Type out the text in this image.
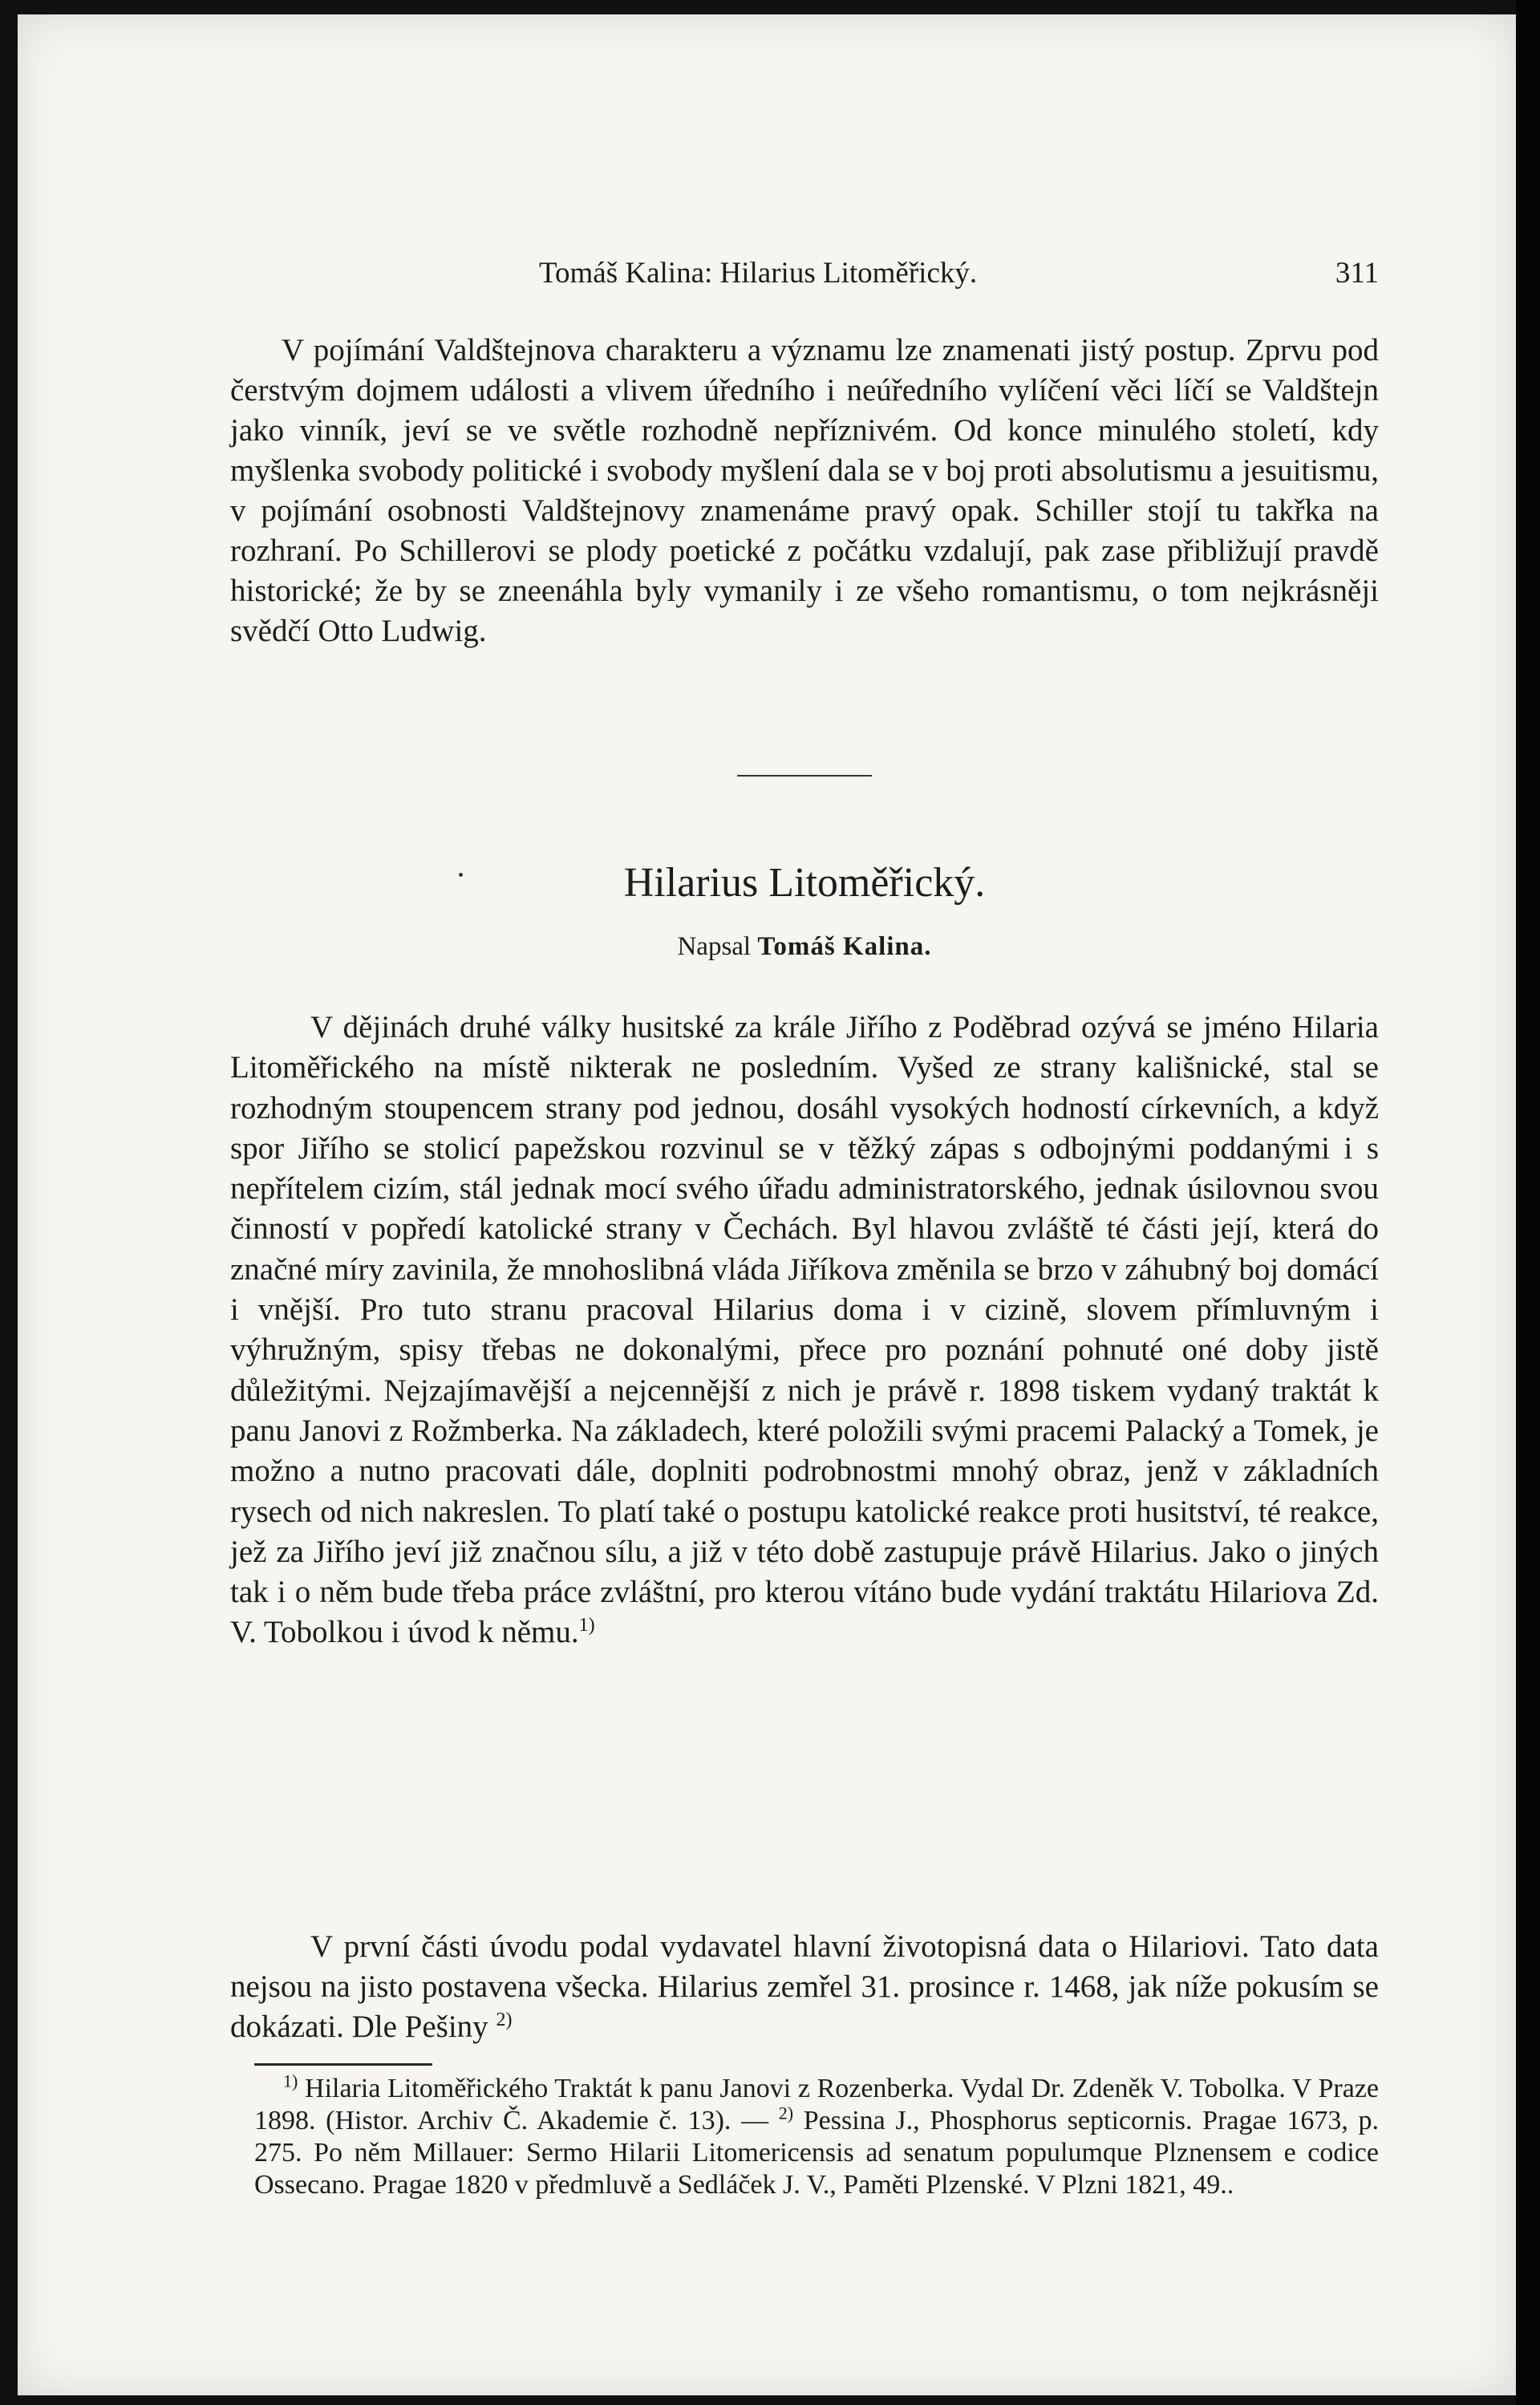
Tomáš Kalina: Hilarius Litoměřický.	311

V pojímání Valdštejnova charakteru a významu lze znamenati jistý postup. Zprvu pod čerstvým dojmem události a vlivem úředního i neúředního vylíčení věci líčí se Valdštejn jako vinník, jeví se ve světle rozhodně nepříznivém. Od konce minulého století, kdy myšlenka svobody politické i svobody myšlení dala se v boj proti absolutismu a jesuitismu, v pojímání osobnosti Valdštejnovy znamenáme pravý opak. Schiller stojí tu takřka na rozhraní. Po Schillerovi se plody poetické z počátku vzdalují, pak zase přibližují pravdě historické; že by se zneenáhla byly vymanily i ze všeho romantismu, o tom nejkrásněji svědčí Otto Ludwig.

Hilarius Litoměřický.
Napsal Tomáš Kalina.

V dějinách druhé války husitské za krále Jiřího z Poděbrad ozývá se jméno Hilaria Litoměřického na místě nikterak ne posledním. Vyšed ze strany kališnické, stal se rozhodným stoupencem strany pod jednou, dosáhl vysokých hodností církevních, a když spor Jiřího se stolicí papežskou rozvinul se v těžký zápas s odbojnými poddanými i s nepřítelem cizím, stál jednak mocí svého úřadu administratorského, jednak úsilovnou svou činností v popředí katolické strany v Čechách. Byl hlavou zvláště té části její, která do značné míry zavinila, že mnohoslibná vláda Jiříkova změnila se brzo v záhubný boj domácí i vnější. Pro tuto stranu pracoval Hilarius doma i v cizině, slovem přímluvným i výhružným, spisy třebas ne dokonalými, přece pro poznání pohnuté oné doby jistě důležitými. Nejzajímavější a nejcennější z nich je právě r. 1898 tiskem vydaný traktát k panu Janovi z Rožmberka. Na základech, které položili svými pracemi Palacký a Tomek, je možno a nutno pracovati dále, doplniti podrobnostmi mnohý obraz, jenž v základních rysech od nich nakreslen. To platí také o postupu katolické reakce proti husitství, té reakce, jež za Jiřího jeví již značnou sílu, a již v této době zastupuje právě Hilarius. Jako o jiných tak i o něm bude třeba práce zvláštní, pro kterou vítáno bude vydání traktátu Hilariova Zd. V. Tobolkou i úvod k němu.$^{1)}$

V první části úvodu podal vydavatel hlavní životopisná data o Hilariovi. Tato data nejsou na jisto postavena všecka. Hilarius zemřel 31. prosince r. 1468, jak níže pokusím se dokázati. Dle Pešiny $^{2)}$

$^{1)}$ Hilaria Litoměřického Traktát k panu Janovi z Rozenberka. Vydal Dr. Zdeněk V. Tobolka. V Praze 1898. (Histor. Archiv Č. Akademie č. 13). — $^{2)}$ Pessina J., Phosphorus septicornis. Pragae 1673, p. 275. Po něm Millauer: Sermo Hilarii Litomericensis ad senatum populumque Plznensem e codice Ossecano. Pragae 1820 v předmluvě a Sedláček J. V., Paměti Plzenské. V Plzni 1821, 49..
